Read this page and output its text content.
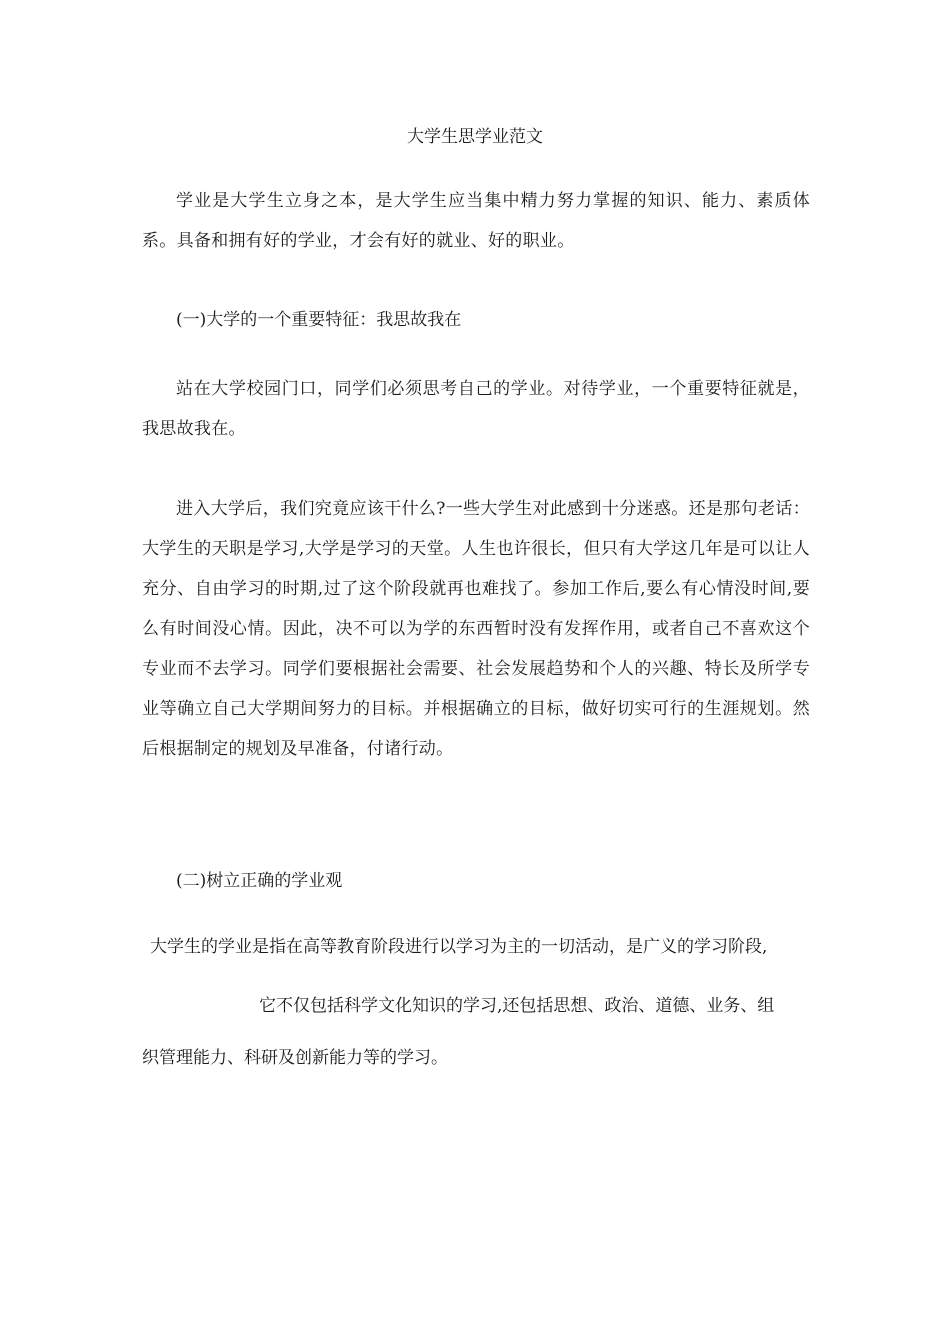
大学生思学业范文

学业是大学生立身之本，是大学生应当集中精力努力掌握的知识、能力、素质体系。具备和拥有好的学业，才会有好的就业、好的职业。

(一)大学的一个重要特征：我思故我在

站在大学校园门口，同学们必须思考自己的学业。对待学业，一个重要特征就是，我思故我在。

进入大学后，我们究竟应该干什么?一些大学生对此感到十分迷惑。还是那句老话：大学生的天职是学习,大学是学习的天堂。人生也许很长，但只有大学这几年是可以让人充分、自由学习的时期,过了这个阶段就再也难找了。参加工作后,要么有心情没时间,要么有时间没心情。因此，决不可以为学的东西暂时没有发挥作用，或者自己不喜欢这个专业而不去学习。同学们要根据社会需要、社会发展趋势和个人的兴趣、特长及所学专业等确立自己大学期间努力的目标。并根据确立的目标，做好切实可行的生涯规划。然后根据制定的规划及早准备，付诸行动。

(二)树立正确的学业观

大学生的学业是指在高等教育阶段进行以学习为主的一切活动，是广义的学习阶段,

它不仅包括科学文化知识的学习,还包括思想、政治、道德、业务、组

织管理能力、科研及创新能力等的学习。
